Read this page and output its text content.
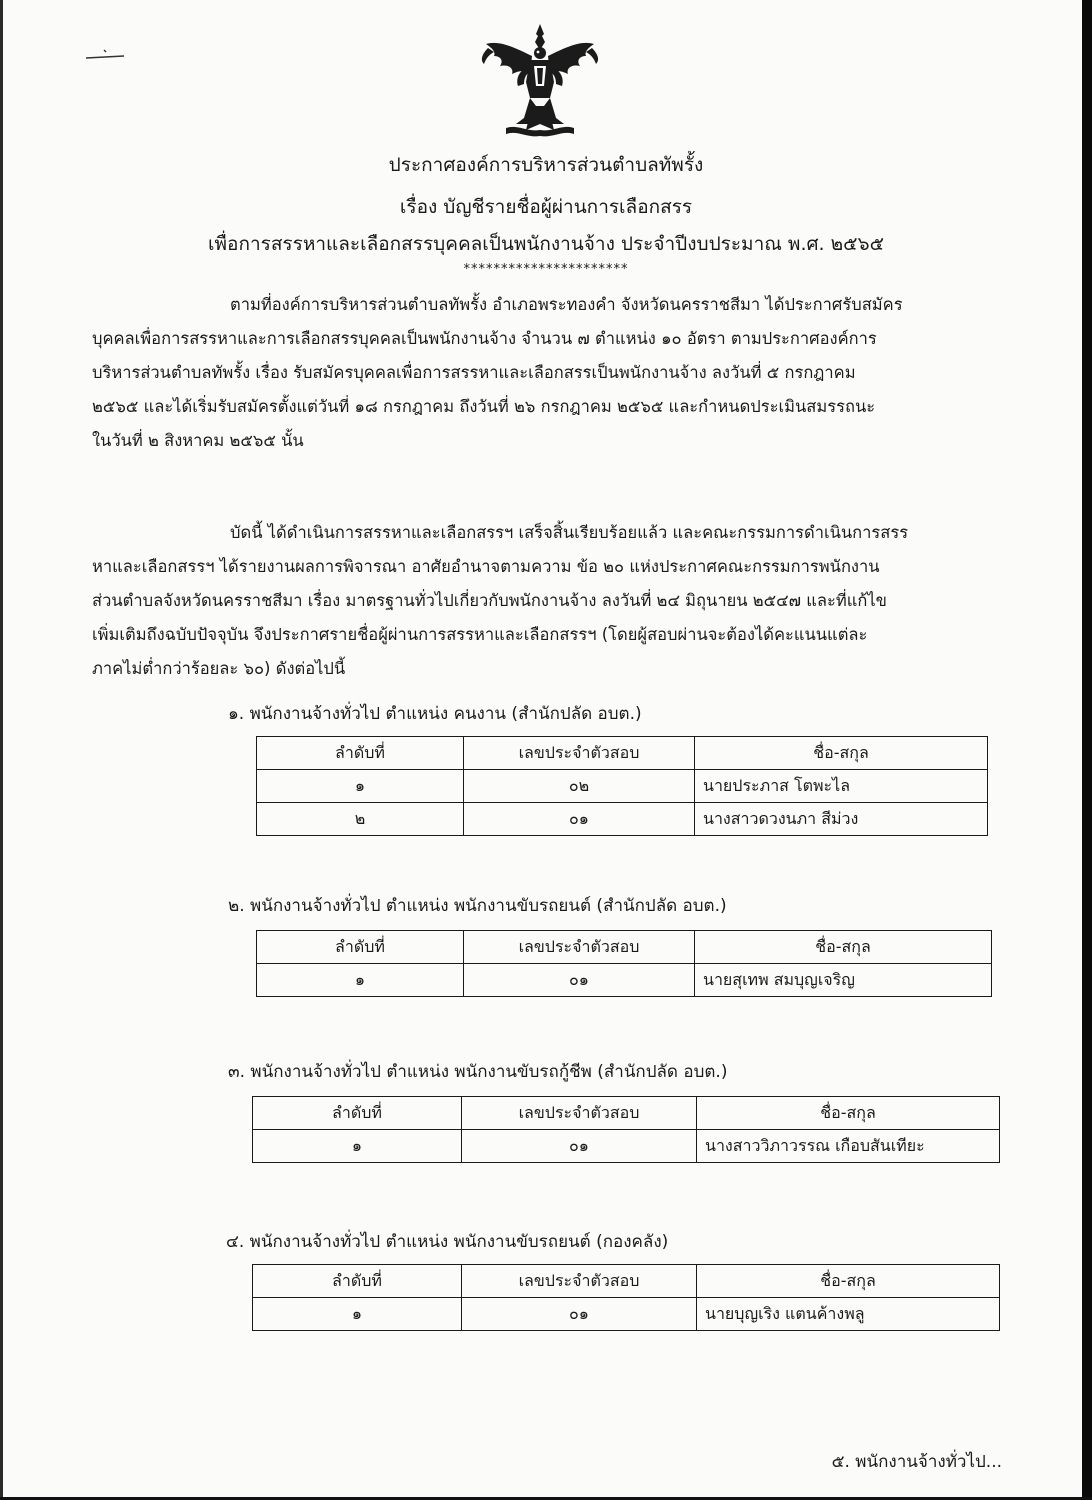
ประกาศองค์การบริหารส่วนตำบลทัพรั้ง
เรื่อง บัญชีรายชื่อผู้ผ่านการเลือกสรร
เพื่อการสรรหาและเลือกสรรบุคคลเป็นพนักงานจ้าง ประจำปีงบประมาณ พ.ศ. ๒๕๖๕
**********************
ตามที่องค์การบริหารส่วนตำบลทัพรั้ง อำเภอพระทองคำ จังหวัดนครราชสีมา ได้ประกาศรับสมัคร
บุคคลเพื่อการสรรหาและการเลือกสรรบุคคลเป็นพนักงานจ้าง จำนวน ๗ ตำแหน่ง ๑๐ อัตรา ตามประกาศองค์การ
บริหารส่วนตำบลทัพรั้ง เรื่อง รับสมัครบุคคลเพื่อการสรรหาและเลือกสรรเป็นพนักงานจ้าง ลงวันที่ ๕ กรกฎาคม
๒๕๖๕ และได้เริ่มรับสมัครตั้งแต่วันที่ ๑๘ กรกฎาคม ถึงวันที่ ๒๖ กรกฎาคม ๒๕๖๕ และกำหนดประเมินสมรรถนะ
ในวันที่ ๒ สิงหาคม ๒๕๖๕ นั้น
บัดนี้ ได้ดำเนินการสรรหาและเลือกสรรฯ เสร็จสิ้นเรียบร้อยแล้ว และคณะกรรมการดำเนินการสรร
หาและเลือกสรรฯ ได้รายงานผลการพิจารณา อาศัยอำนาจตามความ ข้อ ๒๐ แห่งประกาศคณะกรรมการพนักงาน
ส่วนตำบลจังหวัดนครราชสีมา เรื่อง มาตรฐานทั่วไปเกี่ยวกับพนักงานจ้าง ลงวันที่ ๒๔ มิถุนายน ๒๕๔๗ และที่แก้ไข
เพิ่มเติมถึงฉบับปัจจุบัน จึงประกาศรายชื่อผู้ผ่านการสรรหาและเลือกสรรฯ (โดยผู้สอบผ่านจะต้องได้คะแนนแต่ละ
ภาคไม่ต่ำกว่าร้อยละ ๖๐) ดังต่อไปนี้
๑. พนักงานจ้างทั่วไป ตำแหน่ง คนงาน (สำนักปลัด อบต.)
ลำดับที่	เลขประจำตัวสอบ	ชื่อ-สกุล
๑	๐๒	นายประภาส โตพะไล
๒	๐๑	นางสาวดวงนภา สีม่วง
๒. พนักงานจ้างทั่วไป ตำแหน่ง พนักงานขับรถยนต์ (สำนักปลัด อบต.)
ลำดับที่	เลขประจำตัวสอบ	ชื่อ-สกุล
๑	๐๑	นายสุเทพ สมบุญเจริญ
๓. พนักงานจ้างทั่วไป ตำแหน่ง พนักงานขับรถกู้ชีพ (สำนักปลัด อบต.)
ลำดับที่	เลขประจำตัวสอบ	ชื่อ-สกุล
๑	๐๑	นางสาววิภาวรรณ เกือบสันเทียะ
๔. พนักงานจ้างทั่วไป ตำแหน่ง พนักงานขับรถยนต์ (กองคลัง)
ลำดับที่	เลขประจำตัวสอบ	ชื่อ-สกุล
๑	๐๑	นายบุญเริง แตนค้างพลู
๕. พนักงานจ้างทั่วไป...
